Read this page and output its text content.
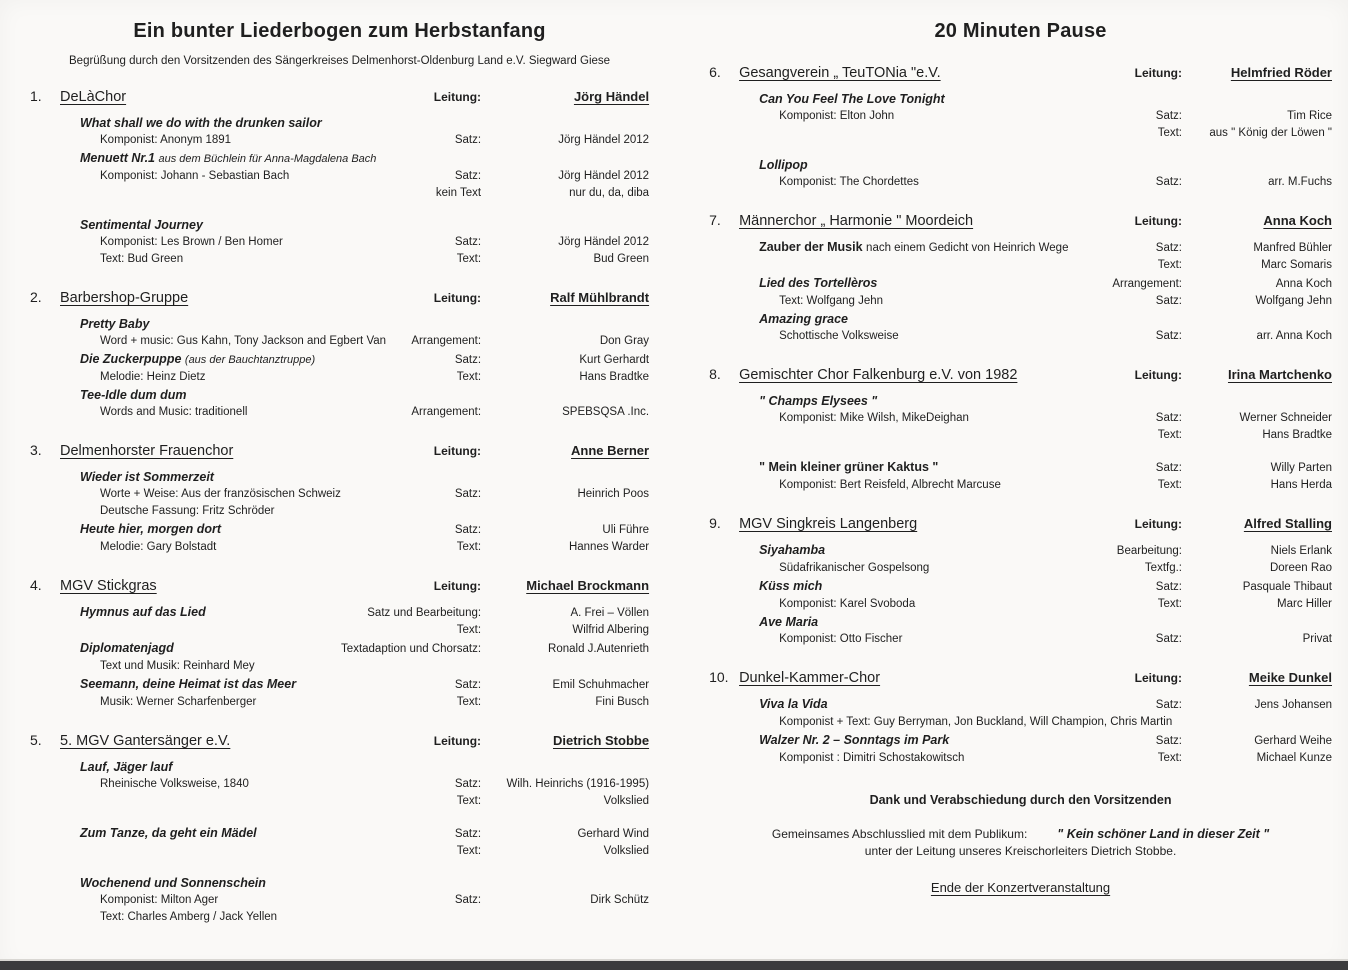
Ein bunter Liederbogen zum Herbstanfang

Begrüßung durch den Vorsitzenden des Sängerkreises Delmenhorst-Oldenburg Land e.V. Siegward Giese

1.	DeLàChor	Leitung:	Jörg Händel
What shall we do with the drunken sailor
Komponist: Anonym 1891	Satz:	Jörg Händel 2012
Menuett Nr.1 aus dem Büchlein für Anna-Magdalena Bach
Komponist: Johann - Sebastian Bach	Satz:	Jörg Händel 2012
kein Text	nur du, da, diba
Sentimental Journey
Komponist: Les Brown / Ben Homer	Satz:	Jörg Händel 2012
Text: Bud Green	Text:	Bud Green
2.	Barbershop-Gruppe	Leitung:	Ralf Mühlbrandt
Pretty Baby
Word + music: Gus Kahn, Tony Jackson and Egbert Van	Arrangement:	Don Gray
Die Zuckerpuppe (aus der Bauchtanztruppe)	Satz:	Kurt Gerhardt
Melodie: Heinz Dietz	Text:	Hans Bradtke
Tee-Idle dum dum
Words and Music: traditionell	Arrangement:	SPEBSQSA .Inc.
3.	Delmenhorster Frauenchor	Leitung:	Anne Berner
Wieder ist Sommerzeit
Worte + Weise: Aus der französischen Schweiz	Satz:	Heinrich Poos
Deutsche Fassung: Fritz Schröder
Heute hier, morgen dort	Satz:	Uli Führe
Melodie: Gary Bolstadt	Text:	Hannes Warder
4.	MGV Stickgras	Leitung:	Michael Brockmann
Hymnus auf das Lied	Satz und Bearbeitung:	A. Frei – Völlen
Text:	Wilfrid Albering
Diplomatenjagd	Textadaption und Chorsatz:	Ronald J.Autenrieth
Text und Musik: Reinhard Mey
Seemann, deine Heimat ist das Meer	Satz:	Emil Schuhmacher
Musik: Werner Scharfenberger	Text:	Fini Busch
5.	5. MGV Gantersänger e.V.	Leitung:	Dietrich Stobbe
Lauf, Jäger lauf
Rheinische Volksweise, 1840	Satz:	Wilh. Heinrichs (1916-1995)
Text:	Volkslied
Zum Tanze, da geht ein Mädel	Satz:	Gerhard Wind
Text:	Volkslied
Wochenend und Sonnenschein
Komponist: Milton Ager	Satz:	Dirk Schütz
Text: Charles Amberg / Jack Yellen
20 Minuten Pause
6.	Gesangverein „ TeuTONia "e.V.	Leitung:	Helmfried Röder
Can You Feel The Love Tonight
Komponist: Elton John	Satz:	Tim Rice
Text:	aus " König der Löwen "
Lollipop
Komponist: The Chordettes	Satz:	arr. M.Fuchs
7.	Männerchor „ Harmonie " Moordeich	Leitung:	Anna Koch
Zauber der Musik nach einem Gedicht von Heinrich Wege	Satz:	Manfred Bühler
Text:	Marc Somaris
Lied des Tortellèros	Arrangement:	Anna Koch
Text: Wolfgang Jehn	Satz:	Wolfgang Jehn
Amazing grace
Schottische Volksweise	Satz:	arr. Anna Koch
8.	Gemischter Chor Falkenburg e.V. von 1982	Leitung:	Irina Martchenko
" Champs Elysees "
Komponist: Mike Wilsh, MikeDeighan	Satz:	Werner Schneider
Text:	Hans Bradtke
" Mein kleiner grüner Kaktus "	Satz:	Willy Parten
Komponist: Bert Reisfeld, Albrecht Marcuse	Text:	Hans Herda
9.	MGV Singkreis Langenberg	Leitung:	Alfred Stalling
Siyahamba	Bearbeitung:	Niels Erlank
Südafrikanischer Gospelsong	Textfg.:	Doreen Rao
Küss mich	Satz:	Pasquale Thibaut
Komponist: Karel Svoboda	Text:	Marc Hiller
Ave Maria
Komponist: Otto Fischer	Satz:	Privat
10. Dunkel-Kammer-Chor	Leitung:	Meike Dunkel
Viva la Vida	Satz:	Jens Johansen
Komponist + Text: Guy Berryman, Jon Buckland, Will Champion, Chris Martin
Walzer Nr. 2 – Sonntags im Park	Satz:	Gerhard Weihe
Komponist : Dimitri Schostakowitsch	Text:	Michael Kunze

Dank und Verabschiedung durch den Vorsitzenden

Gemeinsames Abschlusslied mit dem Publikum: " Kein schöner Land in dieser Zeit "

unter der Leitung unseres Kreischorleiters Dietrich Stobbe.

Ende der Konzertveranstaltung
